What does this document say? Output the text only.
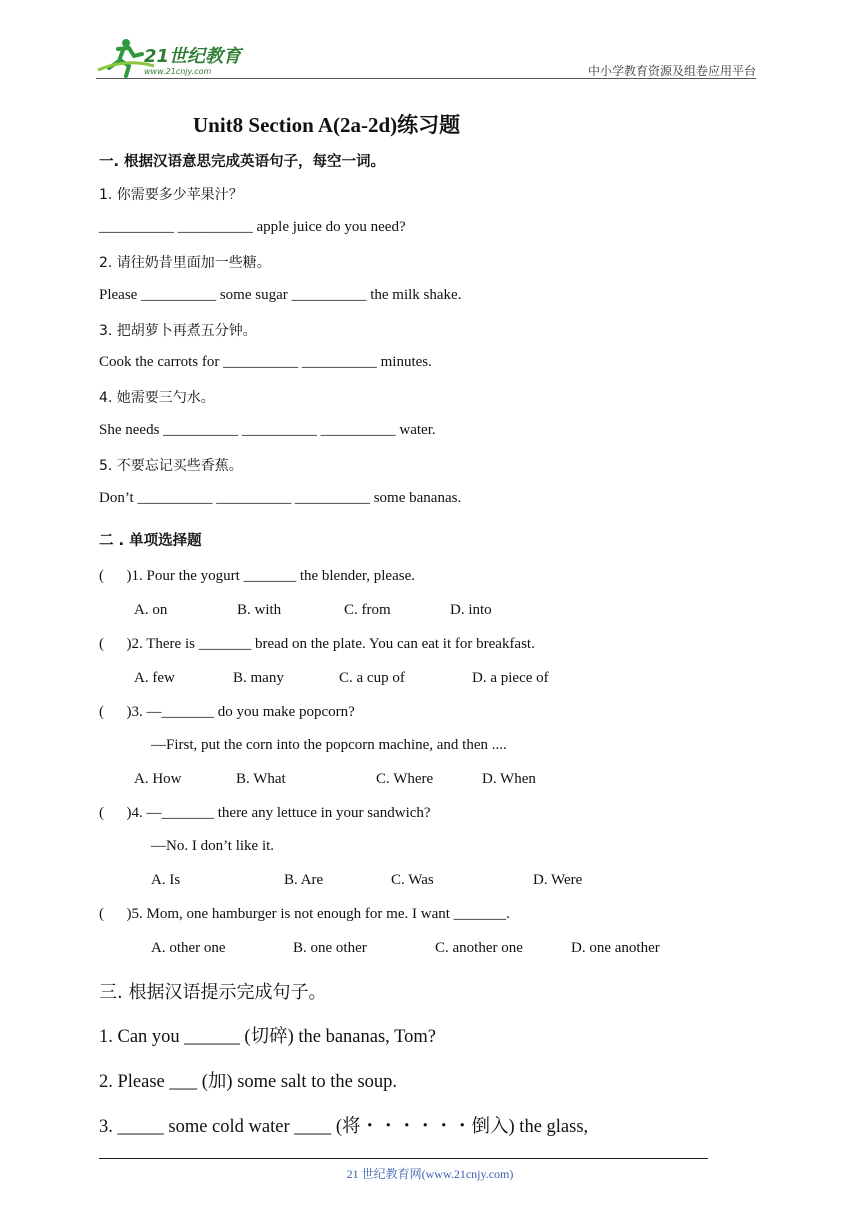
21世纪教育
www.21cnjy.com	中小学教育资源及组卷应用平台
Unit8 Section A(2a-2d)练习题
一. 根据汉语意思完成英语句子，每空一词。
1. 你需要多少苹果汁？
__________ __________ apple juice do you need?
2. 请往奶昔里面加一些糖。
Please __________ some sugar __________ the milk shake.
3. 把胡萝卜再煮五分钟。
Cook the carrots for __________ __________ minutes.
4. 她需要三勺水。
She needs __________ __________ __________ water.
5. 不要忘记买些香蕉。
Don’t __________ __________ __________ some bananas.
二 . 单项选择题
(      )1. Pour the yogurt _______ the blender, please.
A. on	B. with	C. from	D. into
(      )2. There is _______ bread on the plate. You can eat it for breakfast.
A. few	B. many	C. a cup of	D. a piece of
(      )3. —_______ do you make popcorn?
—First, put the corn into the popcorn machine, and then ....
A. How	B. What	C. Where	D. When
(      )4. —_______ there any lettuce in your sandwich?
—No. I don’t like it.
A. Is	B. Are	C. Was	D. Were
(      )5. Mom, one hamburger is not enough for me. I want _______.
A. other one	B. one other	C. another one	D. one another
三. 根据汉语提示完成句子。
1. Can you ______ (切碎) the bananas, Tom?
2. Please ___ (加) some salt to the soup.
3. _____ some cold water ____ (将・・・・・・倒入) the glass,
21 世纪教育网(www.21cnjy.com)
